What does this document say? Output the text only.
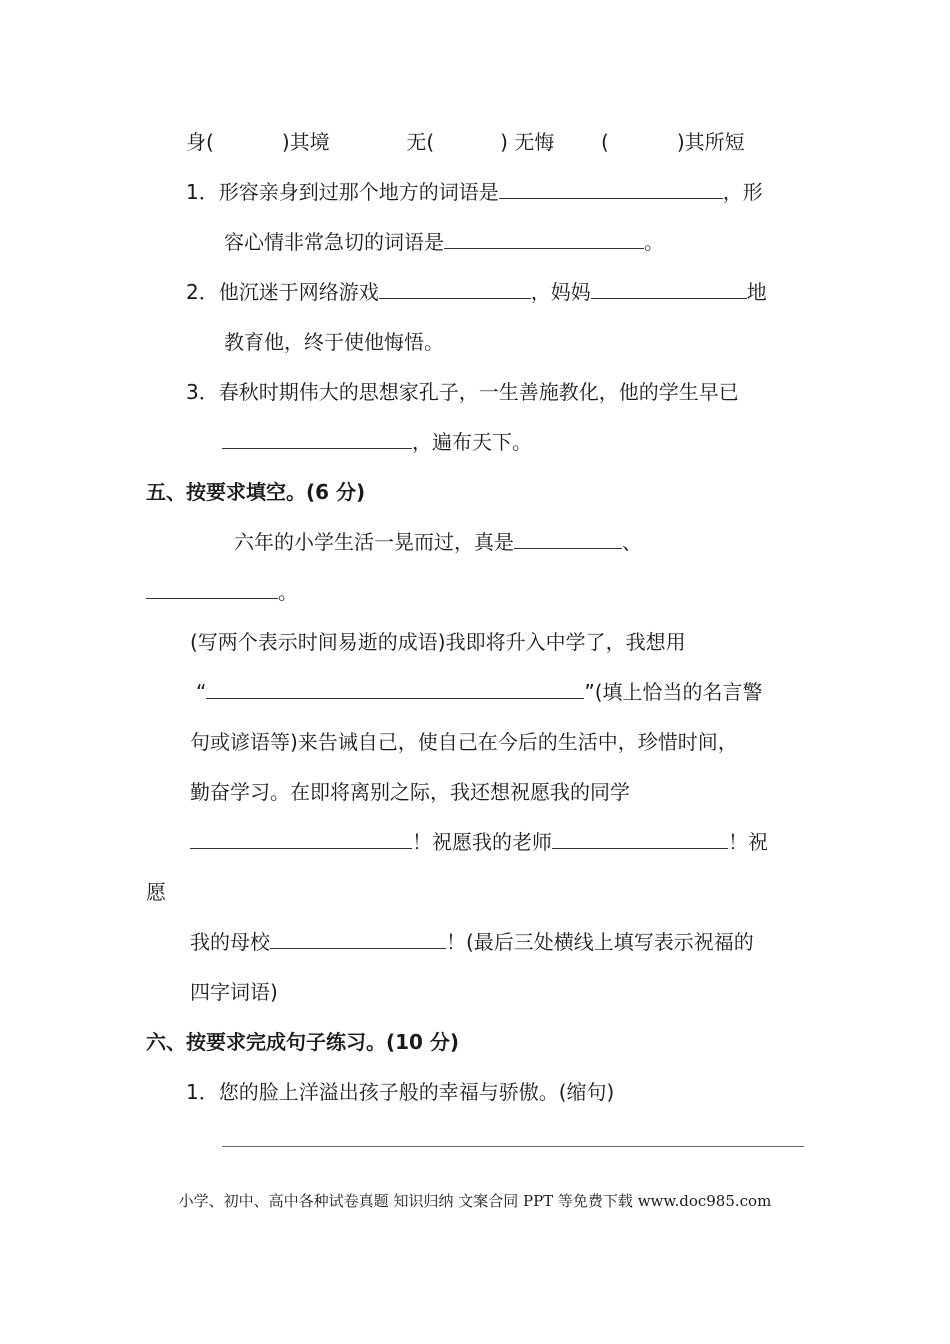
身(	)其境	无(	) 无悔 (	)其所短
1．形容亲身到过那个地方的词语是	，形
容心情非常急切的词语是	。
2．他沉迷于网络游戏	，妈妈	地
教育他，终于使他悔悟。
3．春秋时期伟大的思想家孔子，一生善施教化，他的学生早已
，遍布天下。
五、按要求填空。(6 分)
六年的小学生活一晃而过，真是	、
。
(写两个表示时间易逝的成语)我即将升入中学了，我想用
“	”(填上恰当的名言警
句或谚语等)来告诫自己，使自己在今后的生活中，珍惜时间，
勤奋学习。在即将离别之际，我还想祝愿我的同学
！祝愿我的老师	！祝
愿
我的母校	！(最后三处横线上填写表示祝福的
四字词语)
六、按要求完成句子练习。(10 分)
1．您的脸上洋溢出孩子般的幸福与骄傲。(缩句)
小学、初中、高中各种试卷真题 知识归纳 文案合同 PPT 等免费下载 www.doc985.com
